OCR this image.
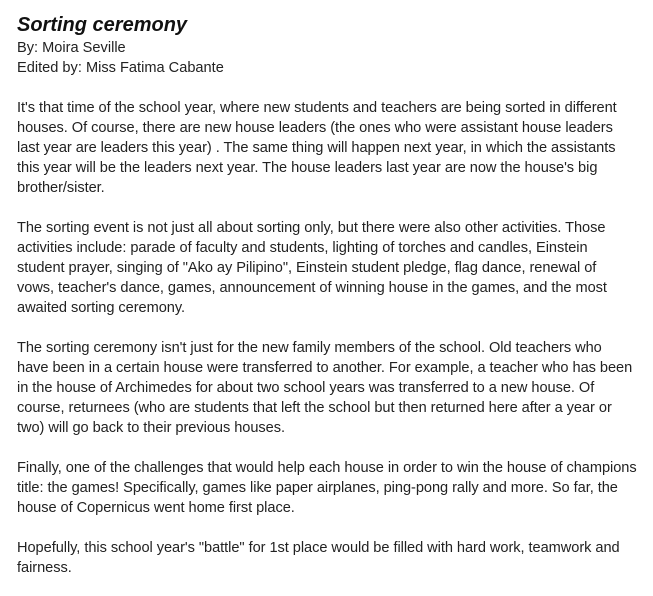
Sorting ceremony

By: Moira Seville

Edited by: Miss Fatima Cabante

It's that time of the school year, where new students and teachers are being sorted in different houses. Of course, there are new house leaders (the ones who were assistant house leaders last year are leaders this year) . The same thing will happen next year, in which the assistants this year will be the leaders next year. The house leaders last year are now the house's big brother/sister.

The sorting event is not just all about sorting only, but there were also other activities. Those activities include: parade of faculty and students, lighting of torches and candles, Einstein student prayer, singing of "Ako ay Pilipino", Einstein student pledge, flag dance, renewal of vows, teacher's dance, games, announcement of winning house in the games, and the most awaited sorting ceremony.

The sorting ceremony isn't just for the new family members of the school. Old teachers who have been in a certain house were transferred to another. For example, a teacher who has been in the house of Archimedes for about two school years was transferred to a new house. Of course, returnees (who are students that left the school but then returned here after a year or two) will go back to their previous houses.

Finally, one of the challenges that would help each house in order to win the house of champions title: the games! Specifically, games like paper airplanes, ping-pong rally and more. So far, the house of Copernicus went home first place.

Hopefully, this school year's "battle" for 1st place would be filled with hard work, teamwork and fairness.
